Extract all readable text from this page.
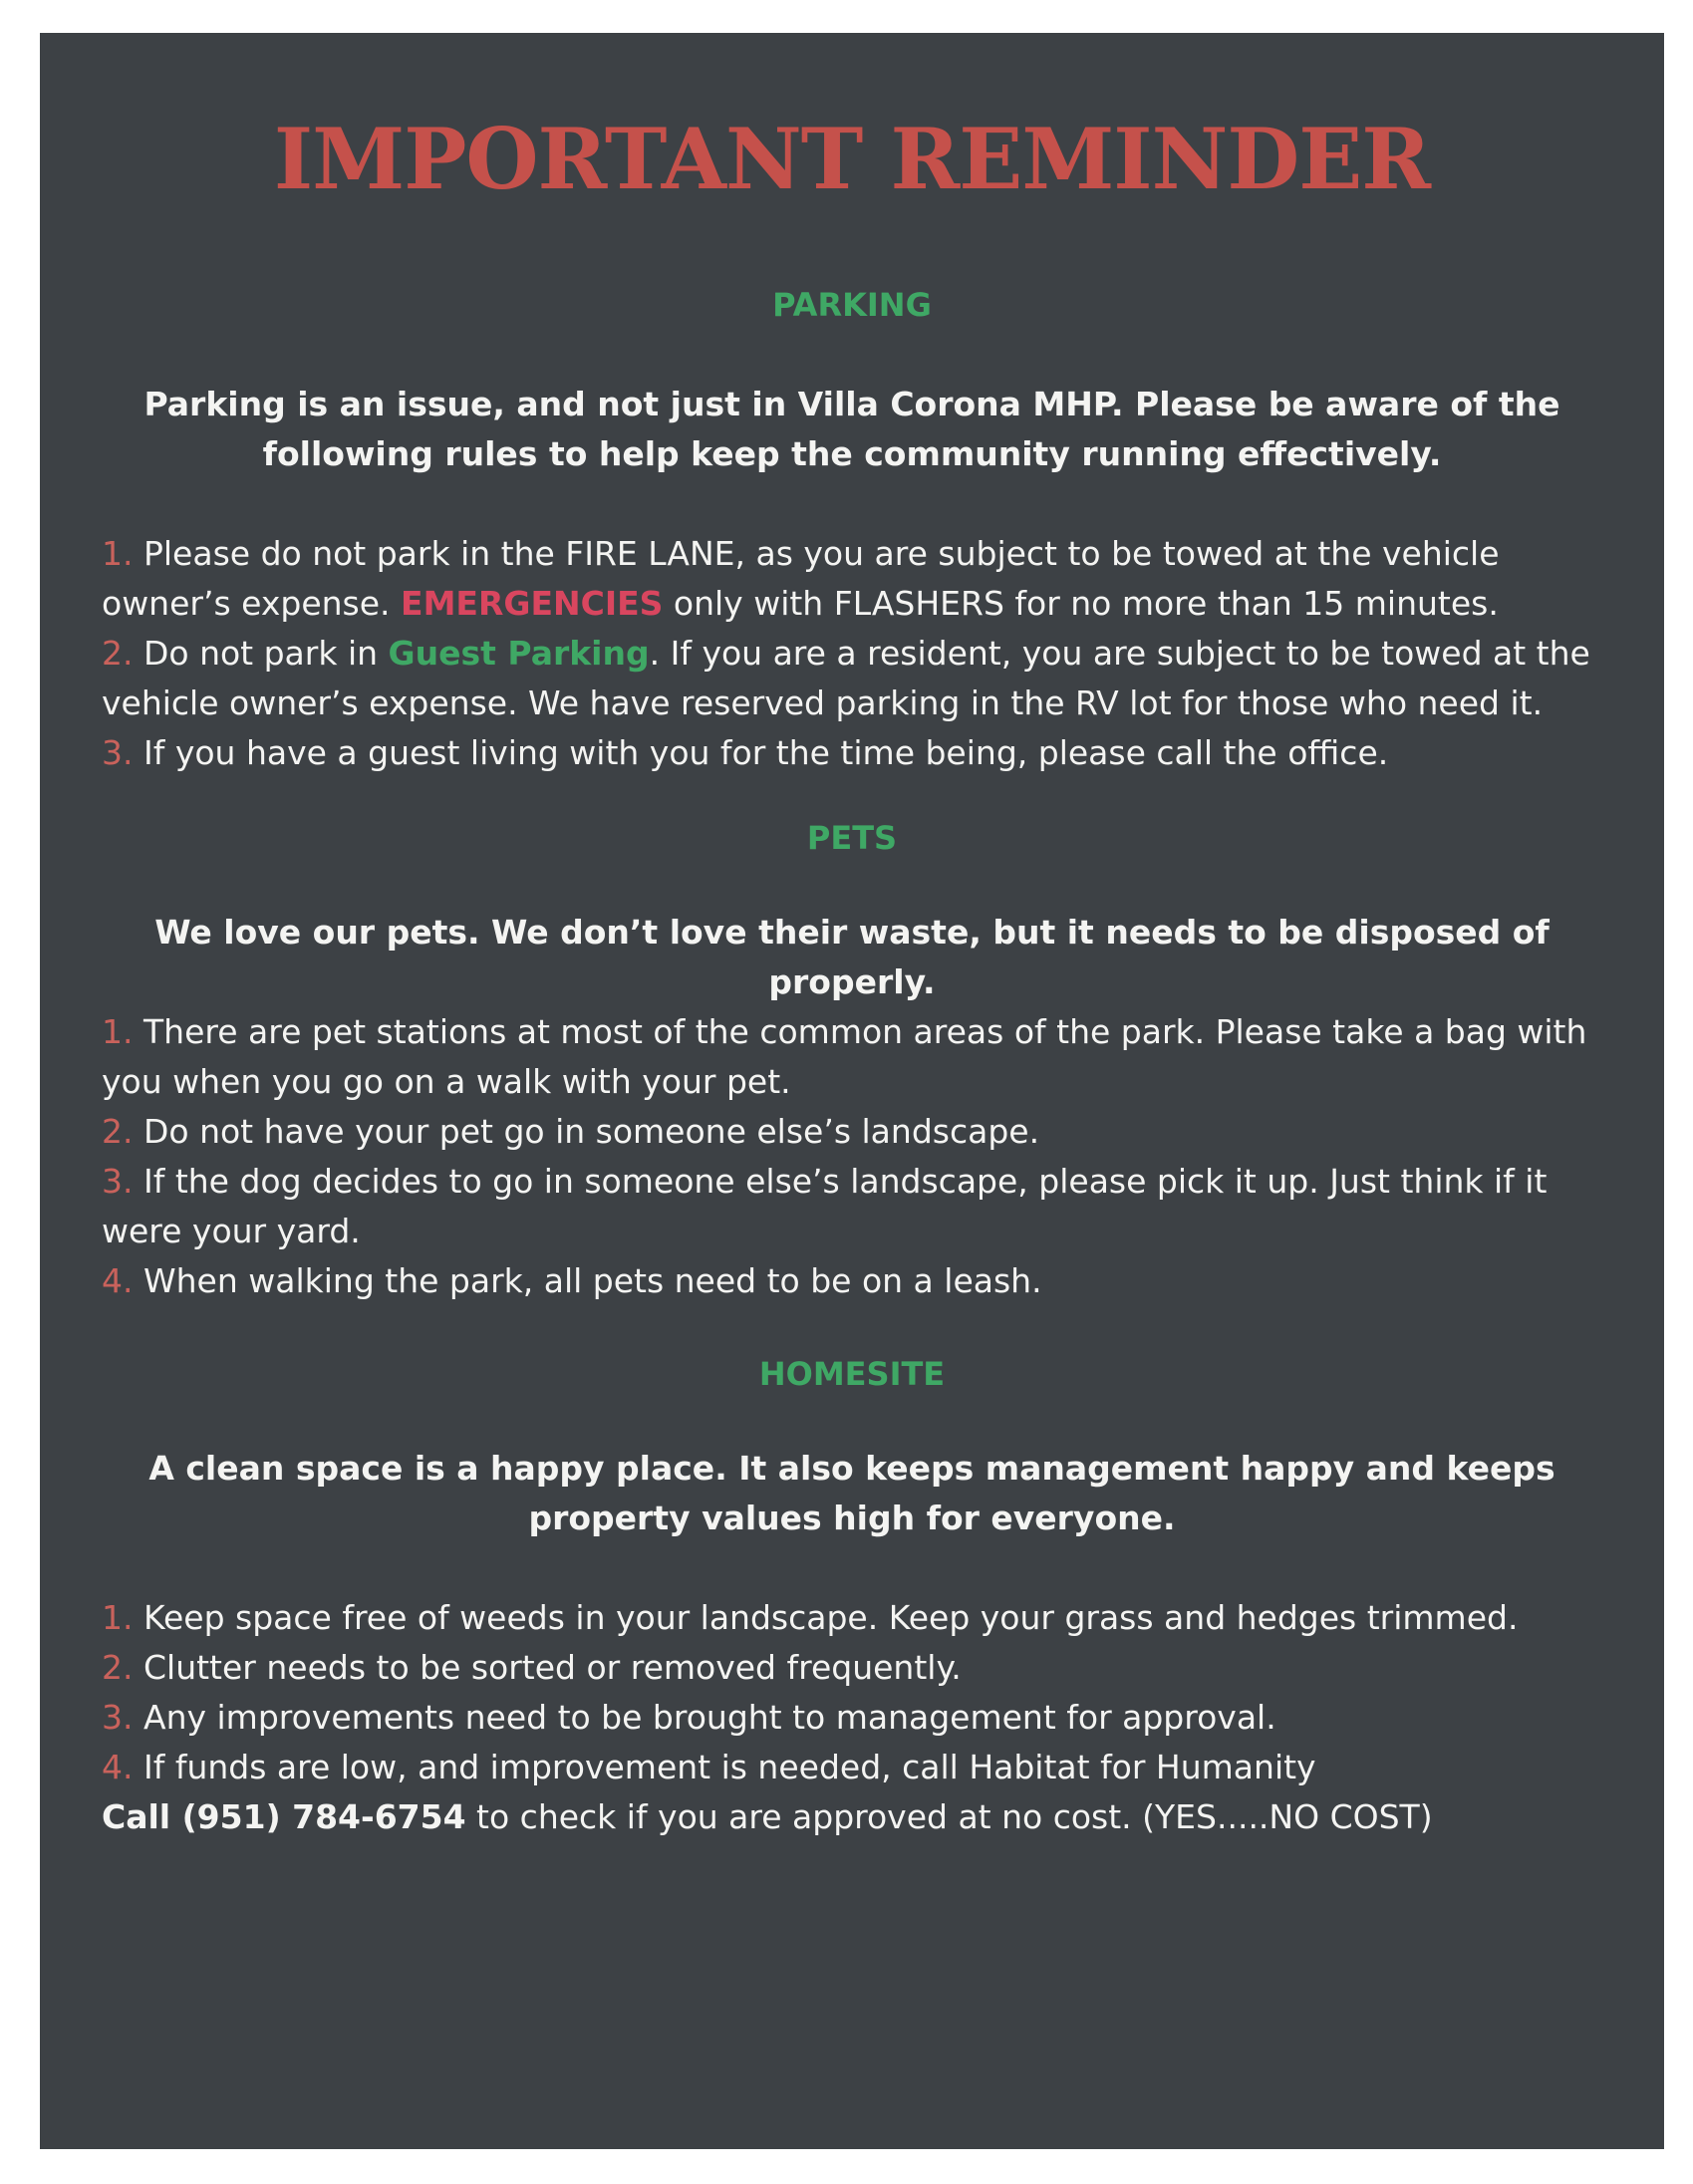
IMPORTANT REMINDER
PARKING

Parking is an issue, and not just in Villa Corona MHP. Please be aware of the following rules to help keep the community running effectively.

1. Please do not park in the FIRE LANE, as you are subject to be towed at the vehicle owner’s expense. EMERGENCIES only with FLASHERS for no more than 15 minutes.
2. Do not park in Guest Parking. If you are a resident, you are subject to be towed at the vehicle owner’s expense. We have reserved parking in the RV lot for those who need it.
3. If you have a guest living with you for the time being, please call the office.
PETS

We love our pets. We don’t love their waste, but it needs to be disposed of properly.

1. There are pet stations at most of the common areas of the park. Please take a bag with you when you go on a walk with your pet.
2. Do not have your pet go in someone else’s landscape.
3. If the dog decides to go in someone else’s landscape, please pick it up. Just think if it were your yard.
4. When walking the park, all pets need to be on a leash.
HOMESITE

A clean space is a happy place. It also keeps management happy and keeps property values high for everyone.

1. Keep space free of weeds in your landscape. Keep your grass and hedges trimmed.
2. Clutter needs to be sorted or removed frequently.
3. Any improvements need to be brought to management for approval.
4. If funds are low, and improvement is needed, call Habitat for Humanity
Call (951) 784-6754 to check if you are approved at no cost. (YES.....NO COST)
